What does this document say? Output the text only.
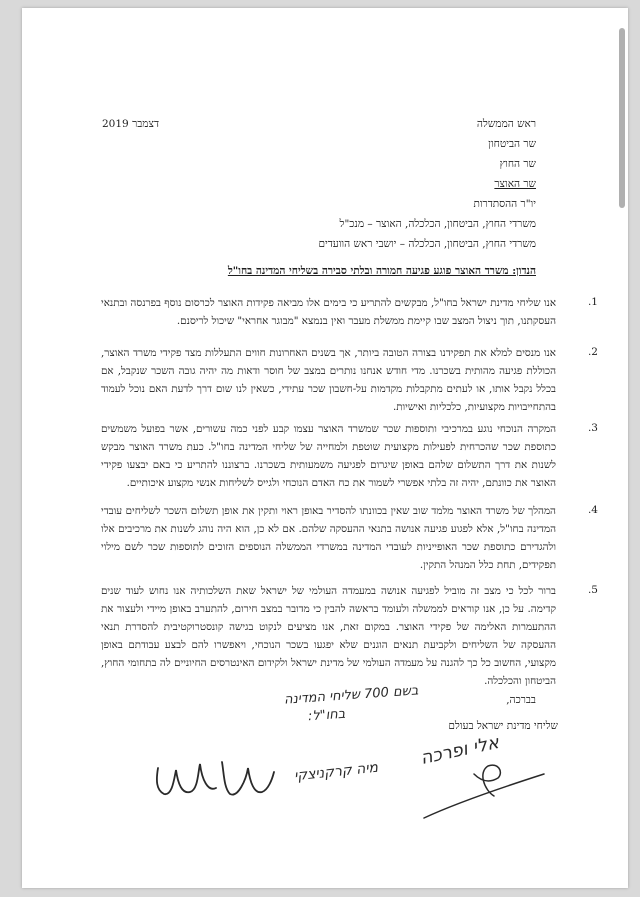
דצמבר 2019	ראש הממשלה
שר הביטחון
שר החוץ
שר האוצר
יו"ר ההסתדרות
משרדי החוץ, הביטחון, הכלכלה, האוצר – מנכ"ל
משרדי החוץ, הביטחון, הכלכלה – יושבי ראש הוועדים
הנדון: משרד האוצר פוגע פגיעה חמורה ובלתי סבירה בשליחי המדינה בחו"ל
.1
אנו שליחי מדינת ישראל בחו"ל, מבקשים להתריע כי בימים אלו מביאה פקידות האוצר לכרסום נוסף בפרנסה ובתנאי העסקתנו, תוך ניצול המצב שבו קיימת ממשלת מעבר ואין בנמצא "מבוגר אחראי" שיכול לריסנם.
.2
אנו מנסים למלא את תפקידנו בצורה הטובה ביותר, אך בשנים האחרונות חווים התעללות מצד פקידי משרד האוצר, הכוללת פגיעה מהותית בשכרנו. מדי חודש אנחנו נותרים במצב של חוסר ודאות מה יהיה גובה השכר שנקבל, אם בכלל נקבל אותו, או לעתים מתקבלות מקדמות על-חשבון שכר עתידי, כשאין לנו שום דרך לדעת האם נוכל לעמוד בהתחייבויות מקצועיות, כלכליות ואישיות.
.3
המקרה הנוכחי נוגע במרכיבי ותוספות שכר שמשרד האוצר עצמו קבע לפני כמה עשורים, אשר בפועל משמשים כתוספת שכר שהכרחית לפעילות מקצועית שוטפת ולמחייה של שליחי המדינה בחו"ל. כעת משרד האוצר מבקש לשנות את דרך התשלום שלהם באופן שיגרום לפגיעה משמעותית בשכרנו. ברצוננו להתריע כי באם יבצעו פקידי האוצר את כוונתם, יהיה זה בלתי אפשרי לשמור את כח האדם הנוכחי ולגייס לשליחות אנשי מקצוע איכותיים.
.4
המהלך של משרד האוצר מלמד שוב שאין בכוונתו להסדיר באופן ראוי ותקין את אופן תשלום השכר לשליחים עובדי המדינה בחו"ל, אלא לפגוע פגיעה אנושה בתנאי ההעסקה שלהם. אם לא כן, הוא היה נוהג לשנות את מרכיבים אלו ולהגדירם כתוספת שכר האופייניות לעובדי המדינה במשרדי הממשלה הנוספים הזוכים לתוספות שכר לשם מילוי תפקידים, תחת כלל המנהל התקין.
.5
ברור לכל כי מצב זה מוביל לפגיעה אנושה במעמדה העולמי של ישראל שאת השלכותיה אנו נחוש לעוד שנים קדימה. על כן, אנו קוראים לממשלה ולעומד בראשה להבין כי מדובר במצב חירום, להתערב באופן מיידי ולעצור את ההתעמרות האלימה של פקידי האוצר. במקום זאת, אנו מציעים לנקוט בגישה קונסטרוקטיבית להסדרת תנאי ההעסקה של השליחים ולקביעת תנאים הוגנים שלא יפגעו בשכר הנוכחי, ויאפשרו להם לבצע עבודתם באופן מקצועי, החשוב כל כך להגנה על מעמדה העולמי של מדינת ישראל ולקידום האינטרסים החיוניים לה בתחומי החוץ, הביטחון והכלכלה.
בברכה,
שליחי מדינת ישראל בעולם
בשם 700 שליחי המדינה
בחו"ל:
אלי ופרכה
מיה קרקניצקי
